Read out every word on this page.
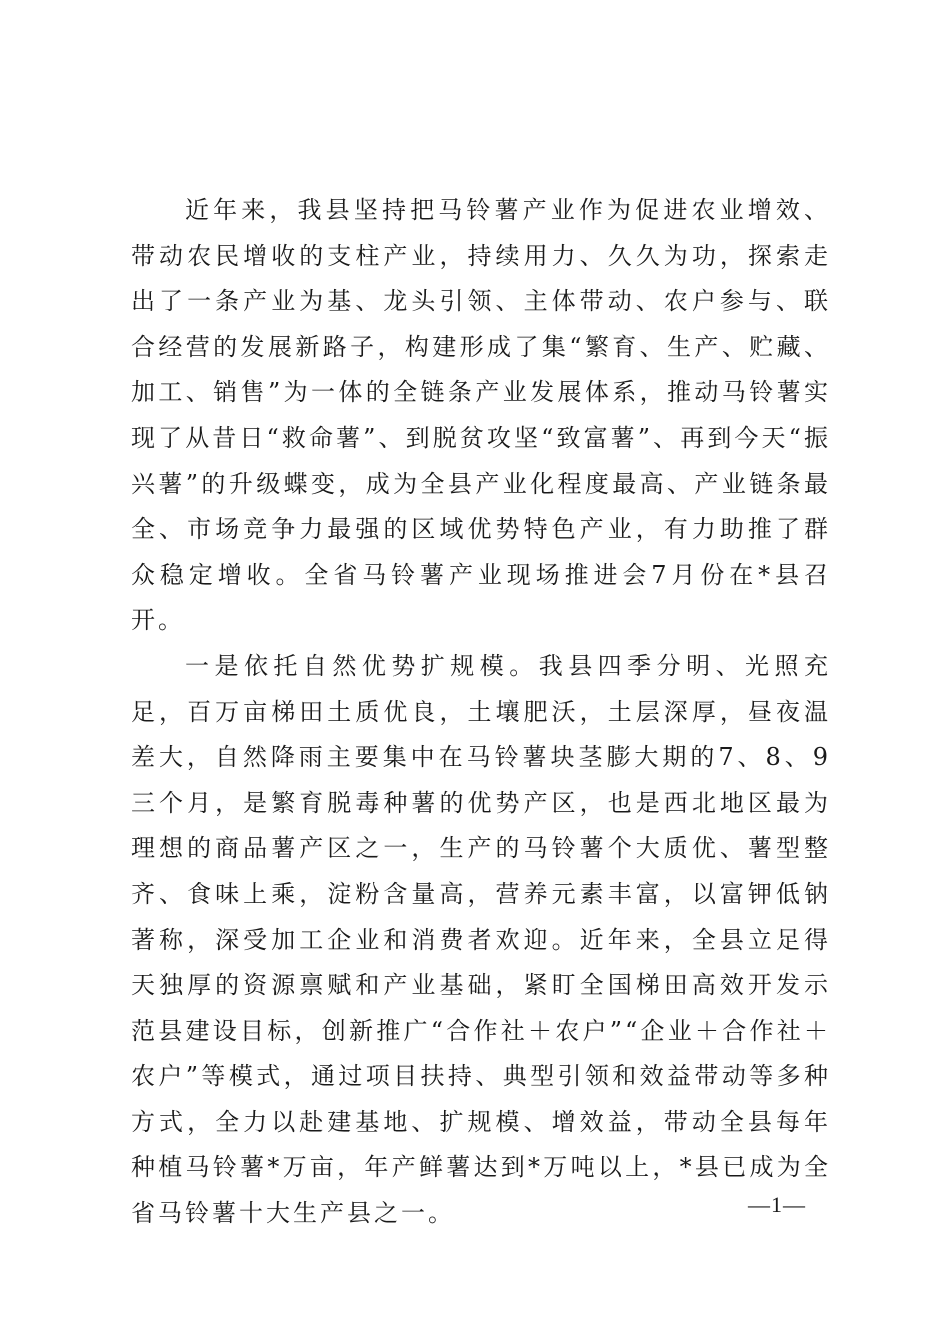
近年来，我县坚持把马铃薯产业作为促进农业增效、带动农民增收的支柱产业，持续用力、久久为功，探索走出了一条产业为基、龙头引领、主体带动、农户参与、联合经营的发展新路子，构建形成了集“繁育、生产、贮藏、加工、销售”为一体的全链条产业发展体系，推动马铃薯实现了从昔日“救命薯”、到脱贫攻坚“致富薯”、再到今天“振兴薯”的升级蝶变，成为全县产业化程度最高、产业链条最全、市场竞争力最强的区域优势特色产业，有力助推了群众稳定增收。全省马铃薯产业现场推进会7月份在*县召开。

一是依托自然优势扩规模。我县四季分明、光照充足，百万亩梯田土质优良，土壤肥沃，土层深厚，昼夜温差大，自然降雨主要集中在马铃薯块茎膨大期的7、8、9三个月，是繁育脱毒种薯的优势产区，也是西北地区最为理想的商品薯产区之一，生产的马铃薯个大质优、薯型整齐、食味上乘，淀粉含量高，营养元素丰富，以富钾低钠著称，深受加工企业和消费者欢迎。近年来，全县立足得天独厚的资源禀赋和产业基础，紧盯全国梯田高效开发示范县建设目标，创新推广“合作社＋农户”“企业＋合作社＋农户”等模式，通过项目扶持、典型引领和效益带动等多种方式，全力以赴建基地、扩规模、增效益，带动全县每年种植马铃薯*万亩，年产鲜薯达到*万吨以上，*县已成为全省马铃薯十大生产县之一。	—1—
